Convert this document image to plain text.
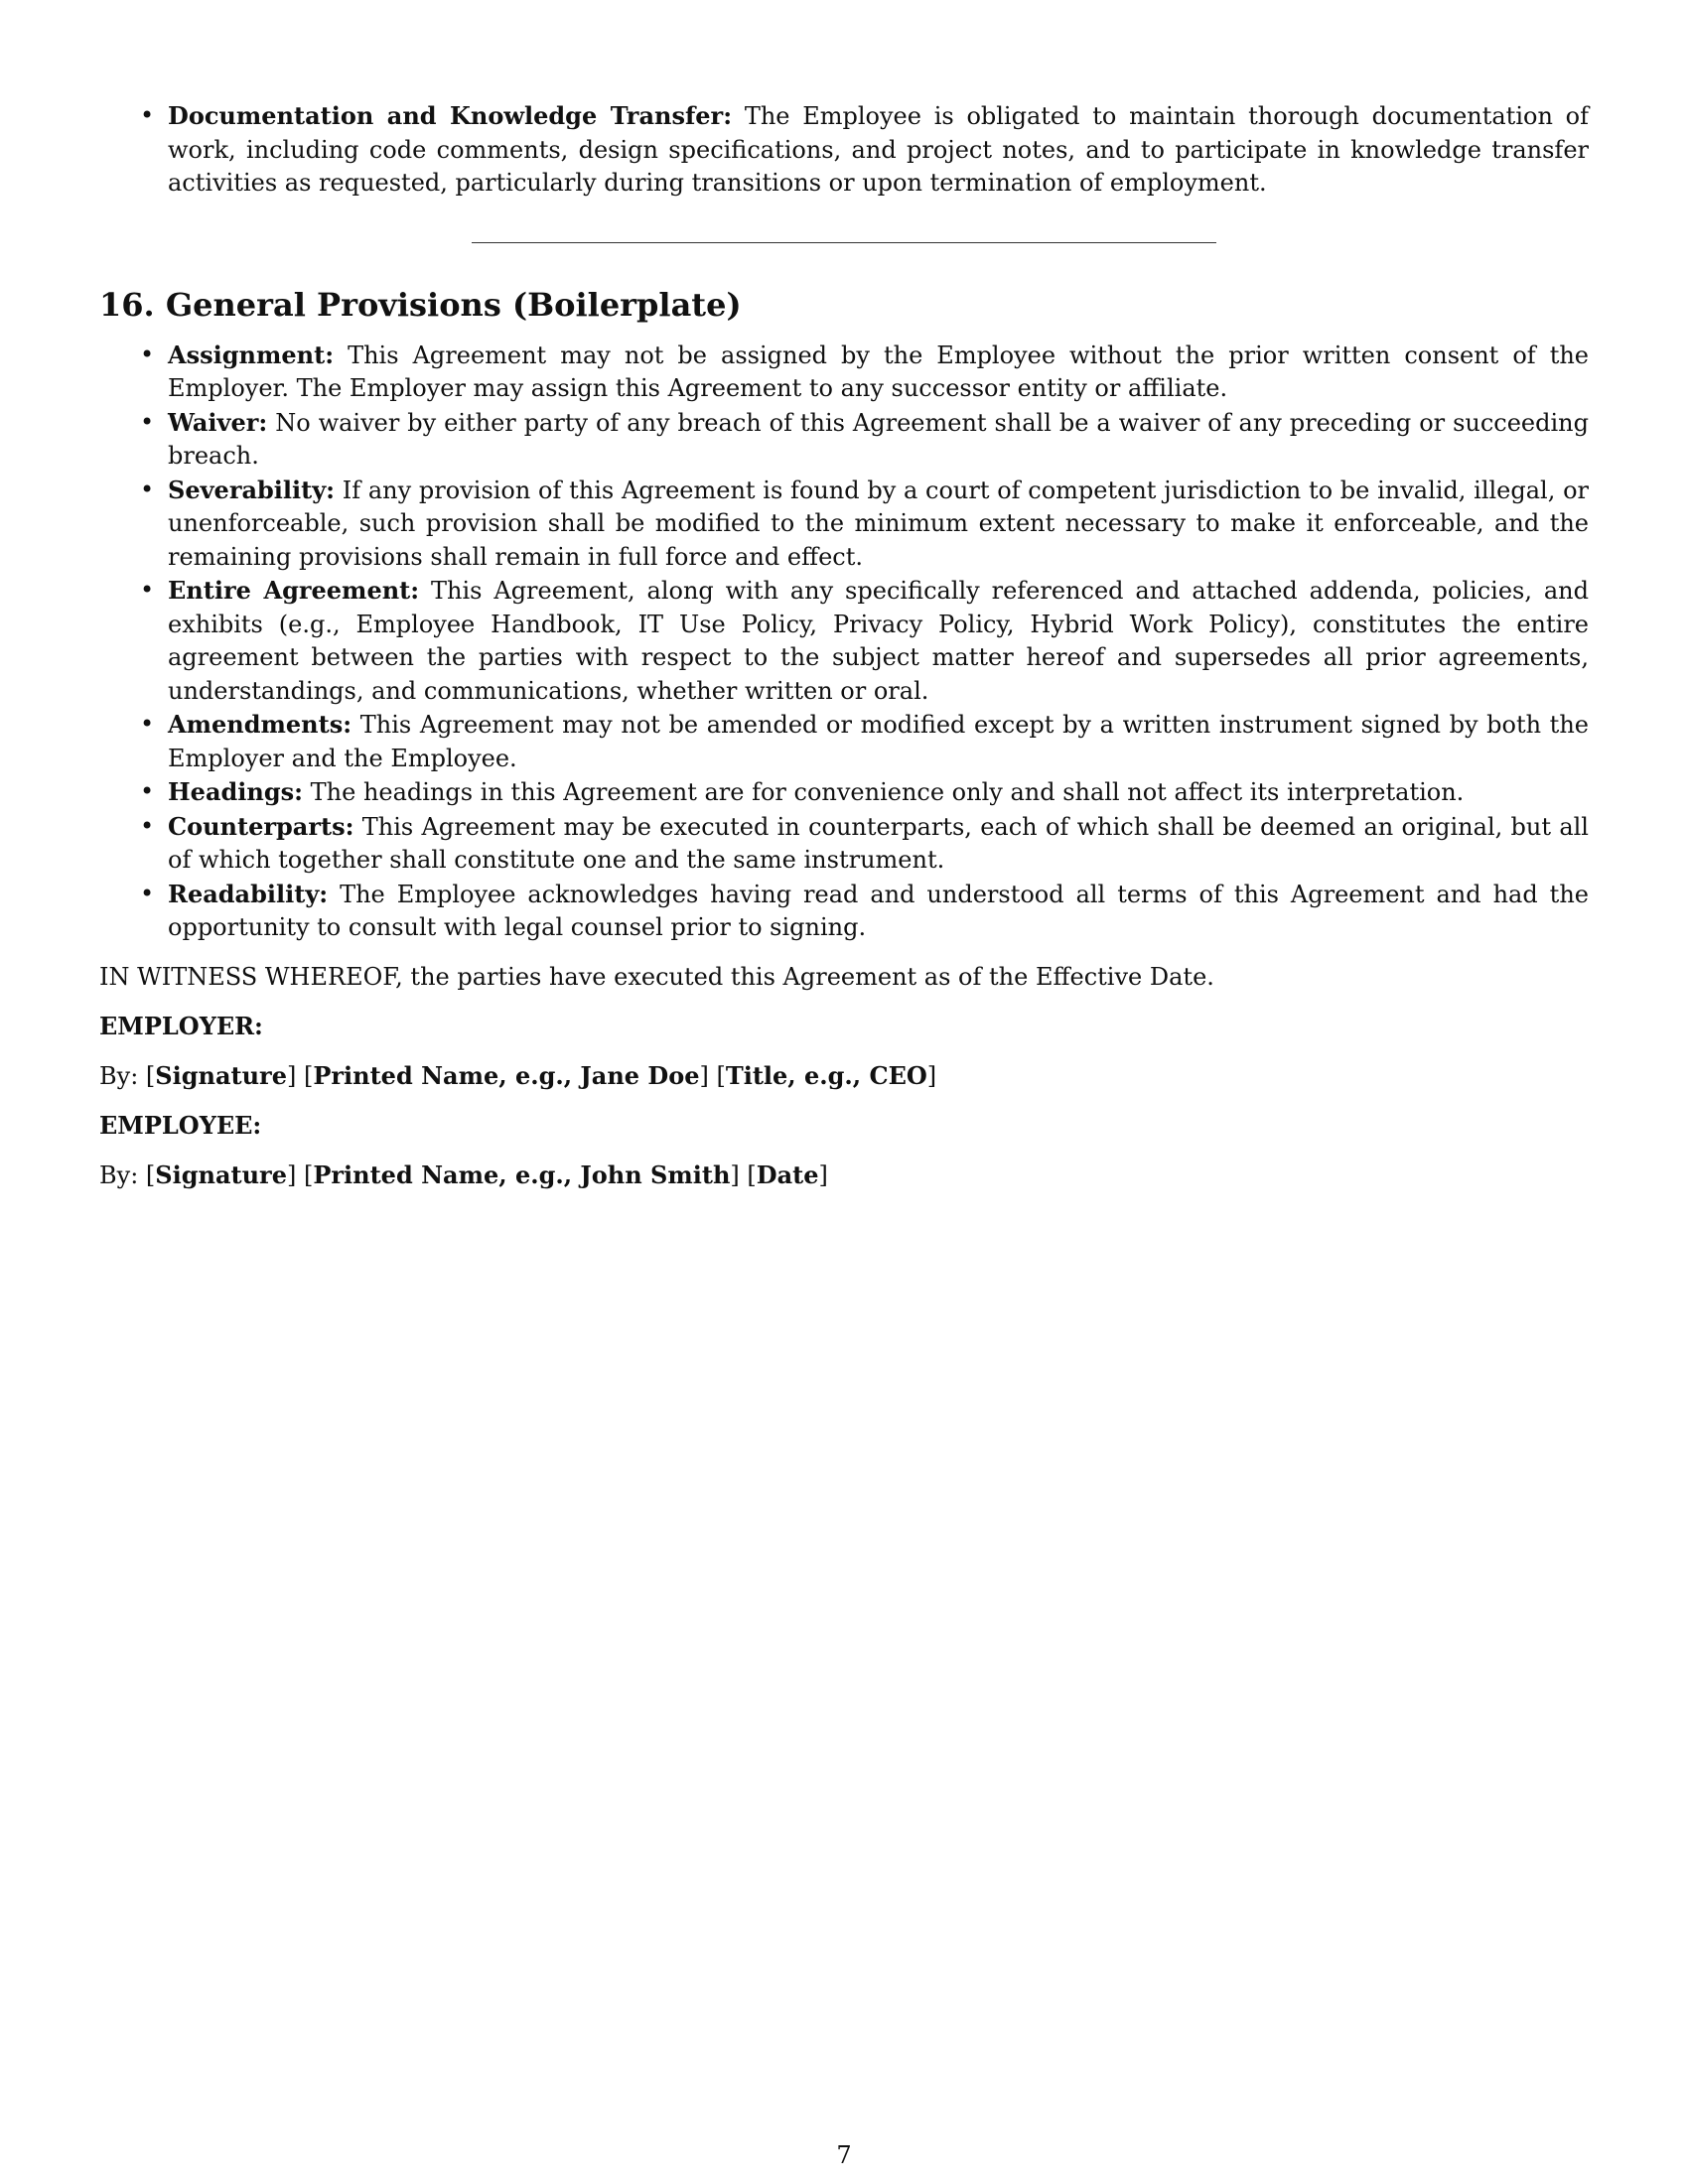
• Documentation and Knowledge Transfer: The Employee is obligated to maintain thorough documentation of work, including code comments, design specifications, and project notes, and to participate in knowledge transfer activities as requested, particularly during transitions or upon termination of employment.
16. General Provisions (Boilerplate)
• Assignment: This Agreement may not be assigned by the Employee without the prior written consent of the Employer. The Employer may assign this Agreement to any successor entity or affiliate.
• Waiver: No waiver by either party of any breach of this Agreement shall be a waiver of any preceding or succeeding breach.
• Severability: If any provision of this Agreement is found by a court of competent jurisdiction to be invalid, illegal, or unenforceable, such provision shall be modified to the minimum extent necessary to make it enforceable, and the remaining provisions shall remain in full force and effect.
• Entire Agreement: This Agreement, along with any specifically referenced and attached addenda, policies, and exhibits (e.g., Employee Handbook, IT Use Policy, Privacy Policy, Hybrid Work Policy), constitutes the entire agreement between the parties with respect to the subject matter hereof and supersedes all prior agreements, understandings, and communications, whether written or oral.
• Amendments: This Agreement may not be amended or modified except by a written instrument signed by both the Employer and the Employee.
• Headings: The headings in this Agreement are for convenience only and shall not affect its interpretation.
• Counterparts: This Agreement may be executed in counterparts, each of which shall be deemed an original, but all of which together shall constitute one and the same instrument.
• Readability: The Employee acknowledges having read and understood all terms of this Agreement and had the opportunity to consult with legal counsel prior to signing.

IN WITNESS WHEREOF, the parties have executed this Agreement as of the Effective Date.

EMPLOYER:

By: [Signature] [Printed Name, e.g., Jane Doe] [Title, e.g., CEO]

EMPLOYEE:

By: [Signature] [Printed Name, e.g., John Smith] [Date]

7
